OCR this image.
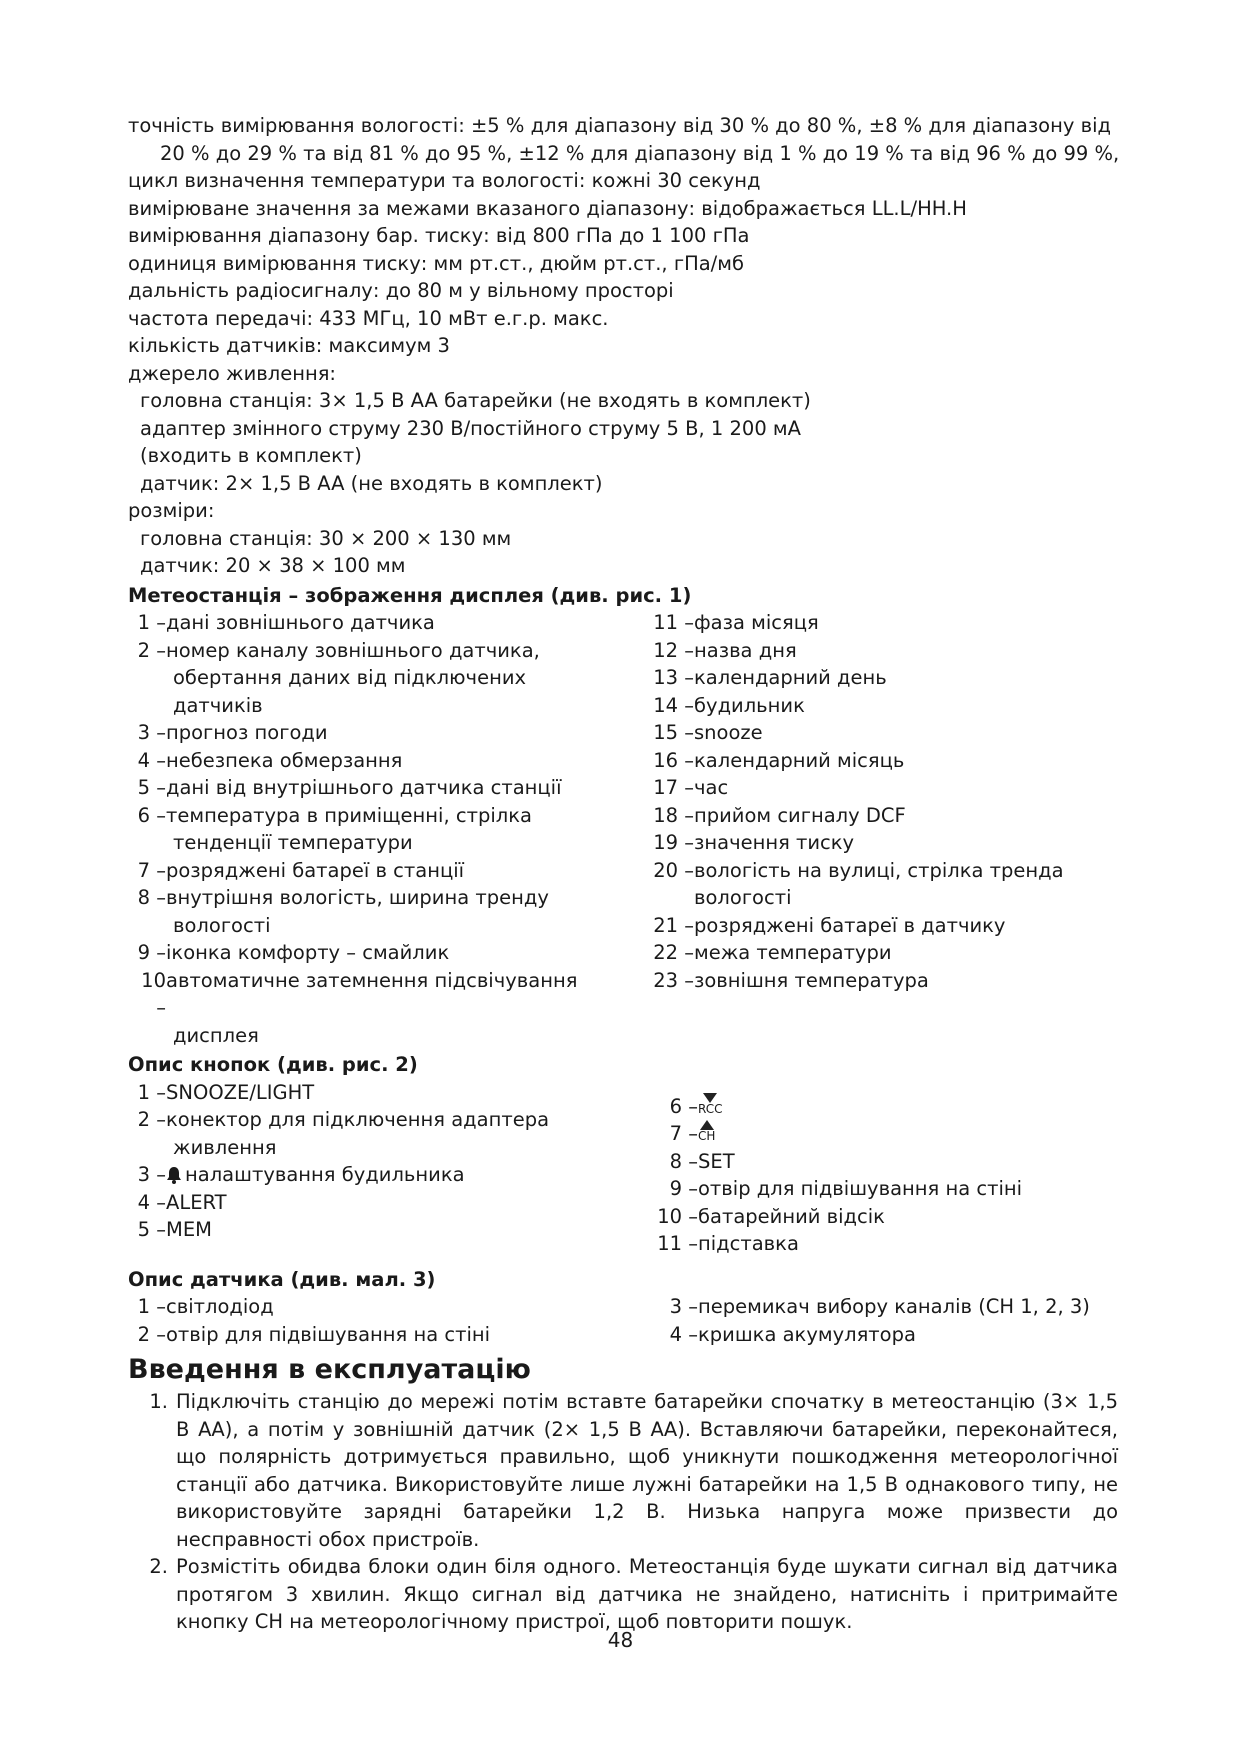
точність вимірювання вологості: ±5 % для діапазону від 30 % до 80 %, ±8 % для діапазону від
20 % до 29 % та від 81 % до 95 %, ±12 % для діапазону від 1 % до 19 % та від 96 % до 99 %,
цикл визначення температури та вологості: кожні 30 секунд
вимірюване значення за межами вказаного діапазону: відображається LL.L/HH.H
вимірювання діапазону бар. тиску: від 800 гПа до 1 100 гПа
одиниця вимірювання тиску: мм рт.ст., дюйм рт.ст., гПа/мб
дальність радіосигналу: до 80 м у вільному просторі
частота передачі: 433 МГц, 10 мВт е.г.р. макс.
кількість датчиків: максимум 3
джерело живлення:
головна станція: 3× 1,5 В AA батарейки (не входять в комплект)
адаптер змінного струму 230 В/постійного струму 5 В, 1 200 мА
(входить в комплект)
датчик: 2× 1,5 В AA (не входять в комплект)
розміри:
головна станція: 30 × 200 × 130 мм
датчик: 20 × 38 × 100 мм
Метеостанція – зображення дисплея (див. рис. 1)
1 – дані зовнішнього датчика
2 – номер каналу зовнішнього датчика,
обертання даних від підключених
датчиків
3 – прогноз погоди
4 – небезпека обмерзання
5 – дані від внутрішнього датчика станції
6 – температура в приміщенні, стрілка
тенденції температури
7 – розряджені батареї в станції
8 – внутрішня вологість, ширина тренду
вологості
9 – іконка комфорту – смайлик
10 –
автоматичне затемнення підсвічування
дисплея
11 – фаза місяця
12 – назва дня
13 – календарний день
14 – будильник
15 – snooze
16 – календарний місяць
17 – час
18 – прийом сигналу DCF
19 – значення тиску
20 – вологість на вулиці, стрілка тренда
вологості
21 – розряджені батареї в датчику
22 – межа температури
23 – зовнішня температура
Опис кнопок (див. рис. 2)
1 – SNOOZE/LIGHT
2 – конектор для підключення адаптера
живлення
3 – налаштування будильника
4 – ALERT
5 – MEM
6 – RCC
7 – CH
8 – SET
9 – отвір для підвішування на стіні
10 – батарейний відсік
11 – підставка
Опис датчика (див. мал. 3)
1 – світлодіод
2 – отвір для підвішування на стіні
3 – перемикач вибору каналів (CH 1, 2, 3)
4 – кришка акумулятора
Введення в експлуатацію
1. Підключіть станцію до мережі потім вставте батарейки спочатку в метеостанцію (3× 1,5 В АА), а потім у зовнішній датчик (2× 1,5 В АА). Вставляючи батарейки, переконайтеся, що полярність дотримується правильно, щоб уникнути пошкодження метеорологічної станції або датчика. Використовуйте лише лужні батарейки на 1,5 В однакового типу, не використовуйте зарядні батарейки 1,2 В. Низька напруга може призвести до несправності обох пристроїв.
2. Розмістіть обидва блоки один біля одного. Метеостанція буде шукати сигнал від датчика протягом 3 хвилин. Якщо сигнал від датчика не знайдено, натисніть і притримайте кнопку CH на метеорологічному пристрої, щоб повторити пошук.
48
